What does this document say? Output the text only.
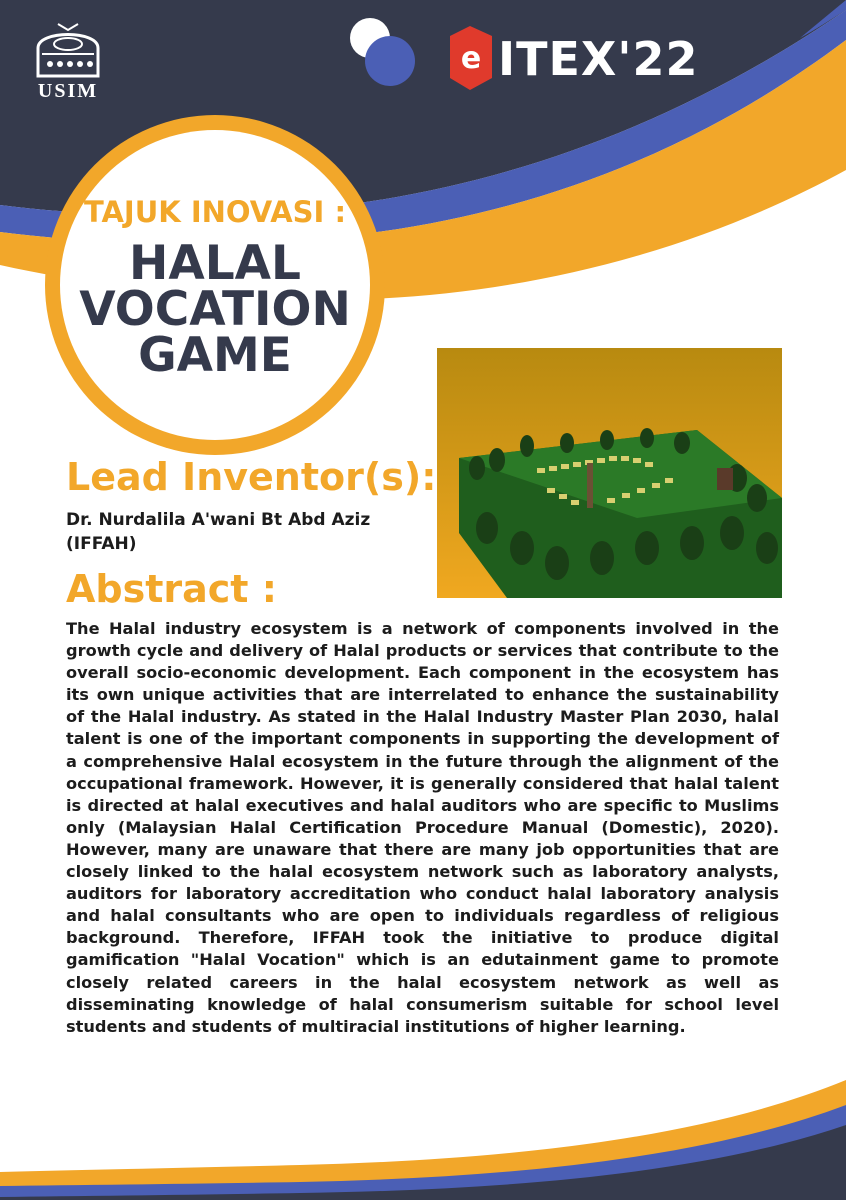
USIM
e ITEX'22
TAJUK INOVASI :
HALAL
VOCATION
GAME
Lead Inventor(s):
Dr. Nurdalila A'wani Bt Abd Aziz
(IFFAH)
Abstract :
The Halal industry ecosystem is a network of components involved in the growth cycle and delivery of Halal products or services that contribute to the overall socio-economic development. Each component in the ecosystem has its own unique activities that are interrelated to enhance the sustainability of the Halal industry. As stated in the Halal Industry Master Plan 2030, halal talent is one of the important components in supporting the development of a comprehensive Halal ecosystem in the future through the alignment of the occupational framework. However, it is generally considered that halal talent is directed at halal executives and halal auditors who are specific to Muslims only (Malaysian Halal Certification Procedure Manual (Domestic), 2020). However, many are unaware that there are many job opportunities that are closely linked to the halal ecosystem network such as laboratory analysts, auditors for laboratory accreditation who conduct halal laboratory analysis and halal consultants who are open to individuals regardless of religious background. Therefore, IFFAH took the initiative to produce digital gamification "Halal Vocation" which is an edutainment game to promote closely related careers in the halal ecosystem network as well as disseminating knowledge of halal consumerism suitable for school level students and students of multiracial institutions of higher learning.
